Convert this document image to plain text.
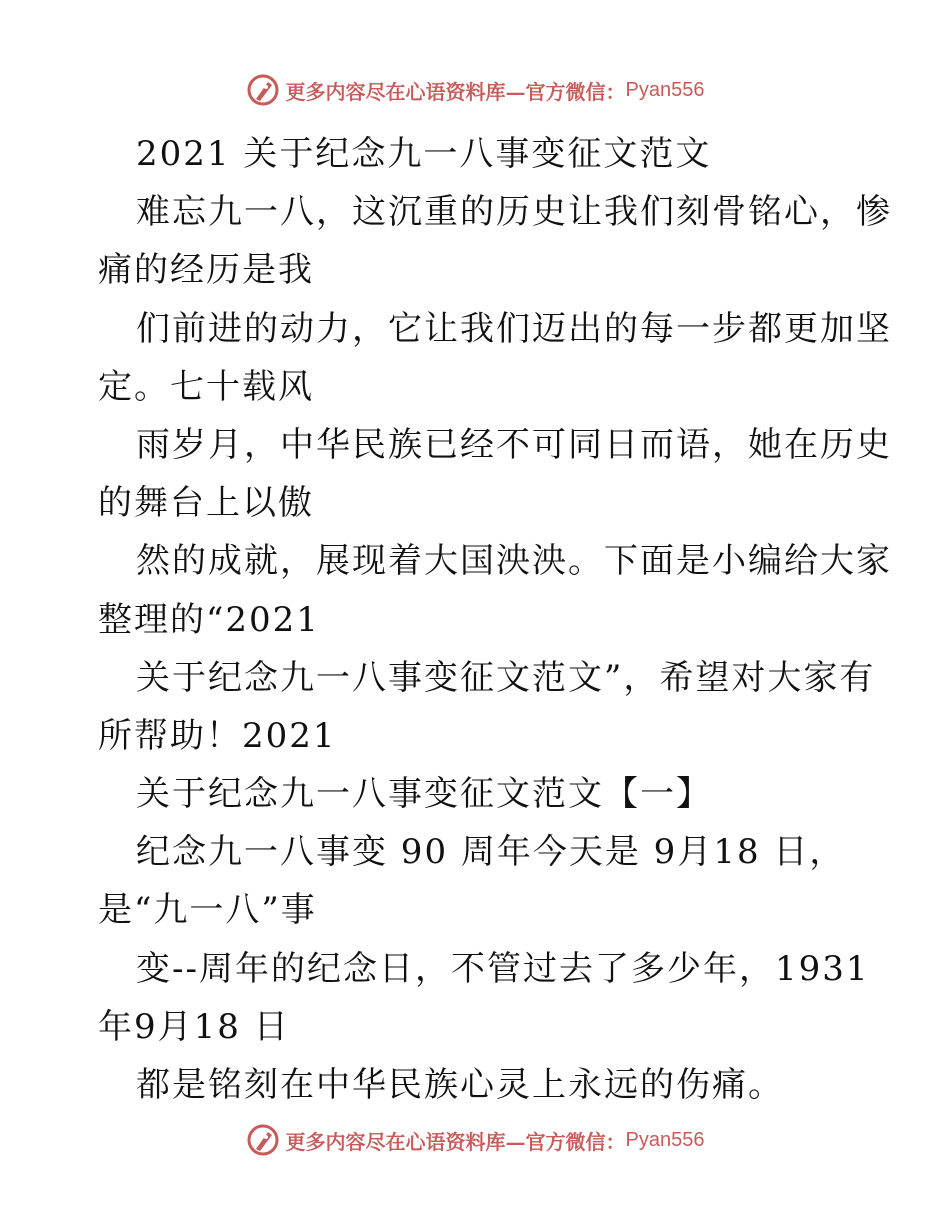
更多内容尽在心语资料库—官方微信： Pyan556
2021 关于纪念九一八事变征文范文
难忘九一八，这沉重的历史让我们刻骨铭心，惨
痛的经历是我
们前进的动力，它让我们迈出的每一步都更加坚
定。七十载风
雨岁月，中华民族已经不可同日而语，她在历史
的舞台上以傲
然的成就，展现着大国泱泱。下面是小编给大家
整理的“2021
关于纪念九一八事变征文范文”，希望对大家有
所帮助！2021
关于纪念九一八事变征文范文【一】
纪念九一八事变 90 周年今天是 9月18 日，
是“九一八”事
变--周年的纪念日，不管过去了多少年，1931
年9月18 日
都是铭刻在中华民族心灵上永远的伤痛。
更多内容尽在心语资料库—官方微信： Pyan556
